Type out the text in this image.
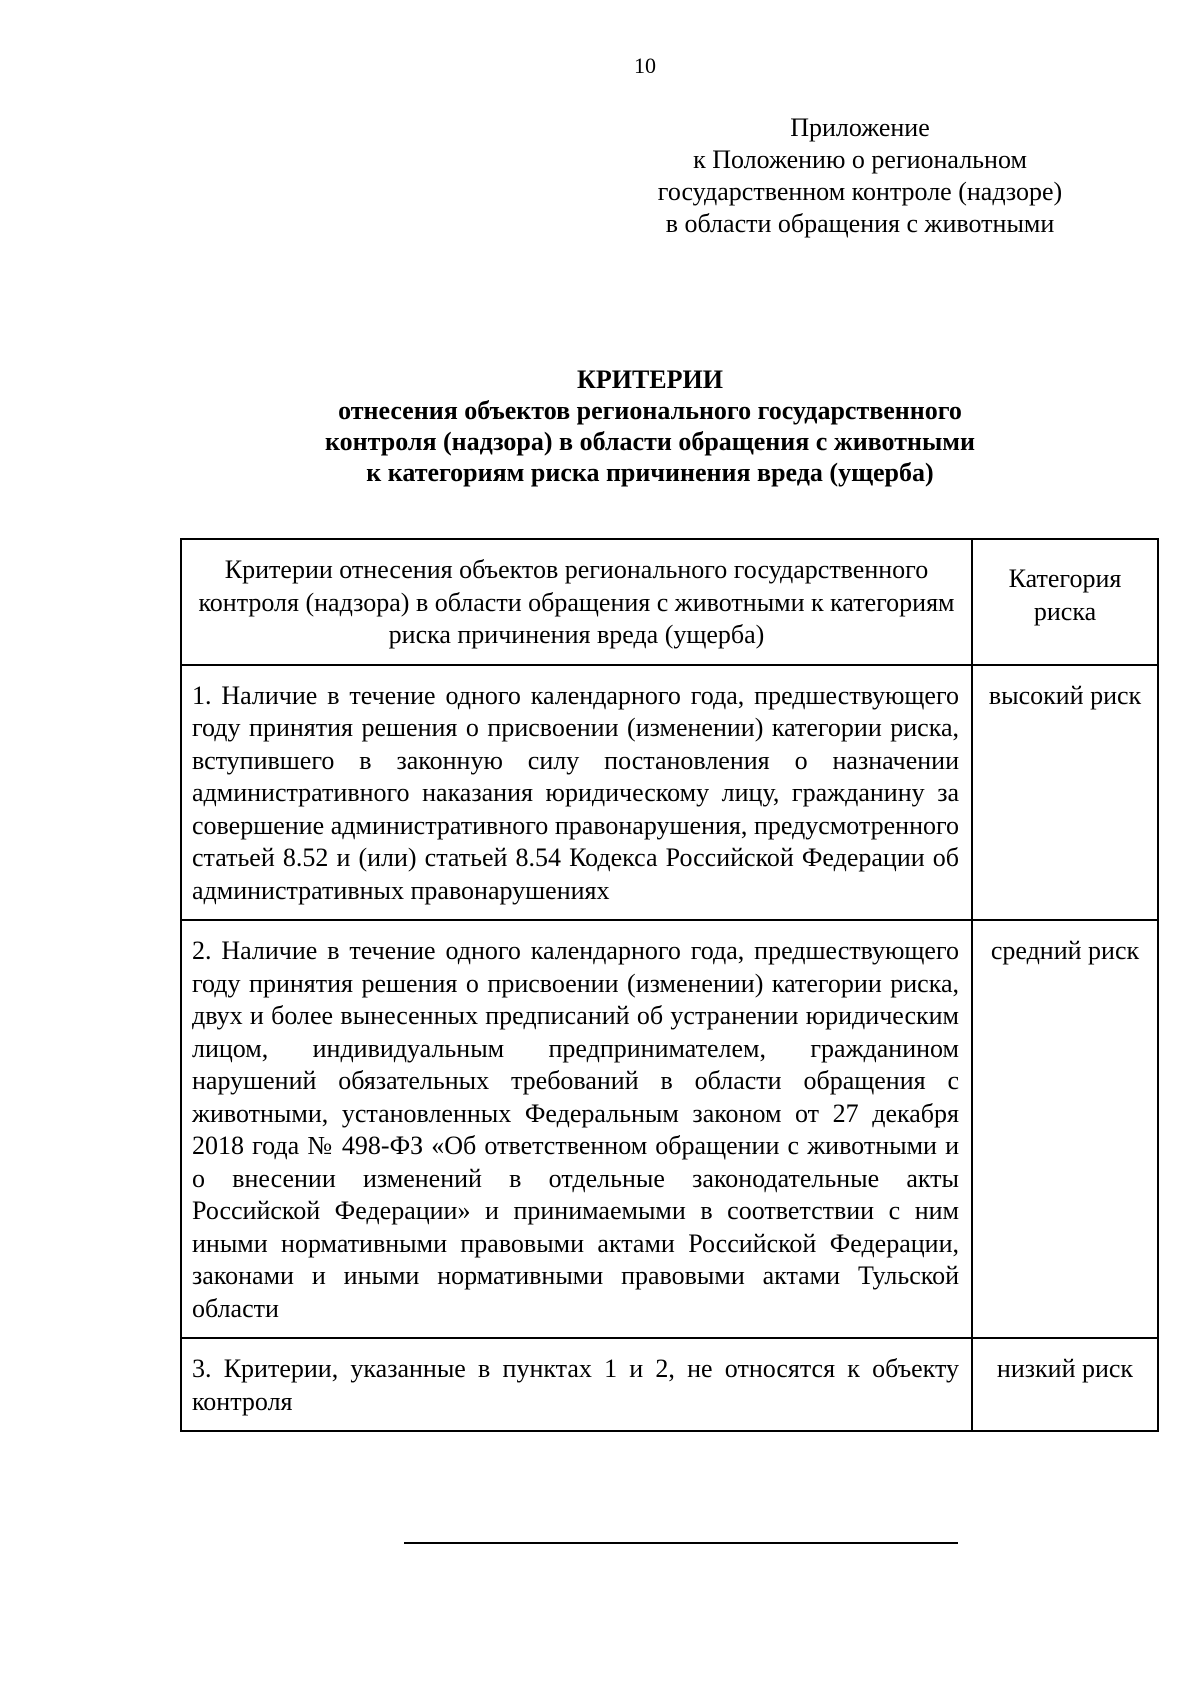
10
Приложение
к Положению о региональном
государственном контроле (надзоре)
в области обращения с животными
КРИТЕРИИ
отнесения объектов регионального государственного
контроля (надзора) в области обращения с животными
к категориям риска причинения вреда (ущерба)
Критерии отнесения объектов регионального государственного контроля (надзора) в области обращения с животными к категориям риска причинения вреда (ущерба)	Категория риска
1. Наличие в течение одного календарного года, предшествующего году принятия решения о присвоении (изменении) категории риска, вступившего в законную силу постановления о назначении административного наказания юридическому лицу, гражданину за совершение административного правонарушения, предусмотренного статьей 8.52 и (или) статьей 8.54 Кодекса Российской Федерации об административных правонарушениях	высокий риск
2. Наличие в течение одного календарного года, предшествующего году принятия решения о присвоении (изменении) категории риска, двух и более вынесенных предписаний об устранении юридическим лицом, индивидуальным предпринимателем, гражданином нарушений обязательных требований в области обращения с животными, установленных Федеральным законом от 27 декабря 2018 года № 498-ФЗ «Об ответственном обращении с животными и о внесении изменений в отдельные законодательные акты Российской Федерации» и принимаемыми в соответствии с ним иными нормативными правовыми актами Российской Федерации, законами и иными нормативными правовыми актами Тульской области	средний риск
3. Критерии, указанные в пунктах 1 и 2, не относятся к объекту контроля	низкий риск
